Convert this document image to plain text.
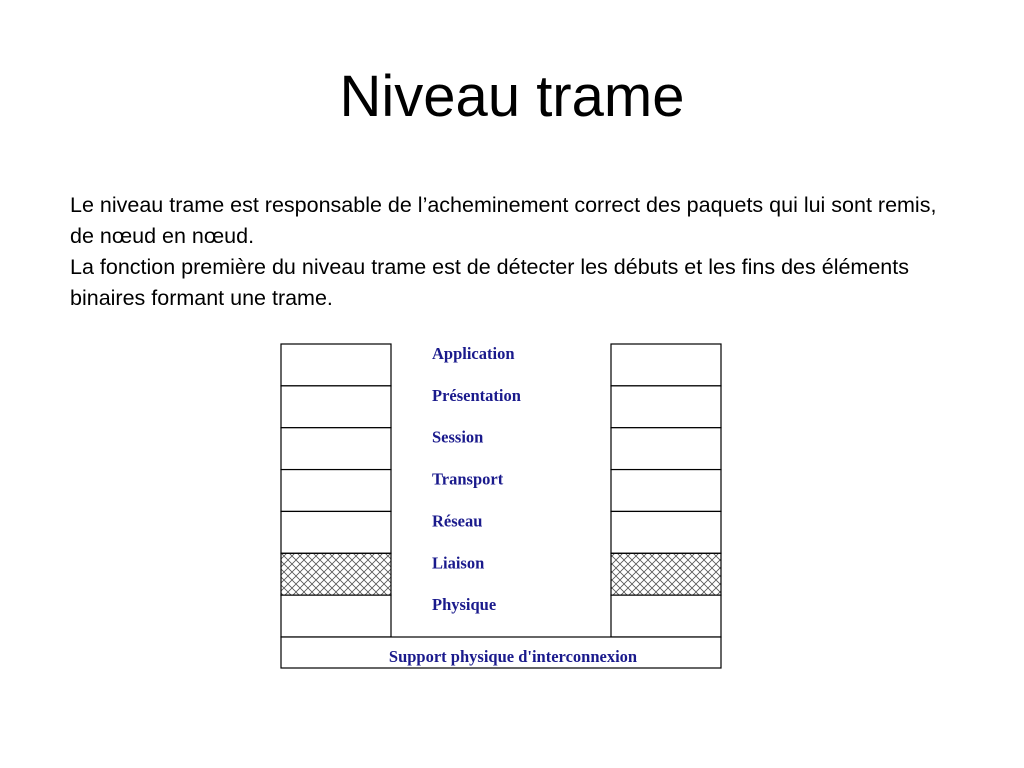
Niveau trame

Le niveau trame est responsable de l’acheminement correct des paquets qui lui sont remis, de nœud en nœud.

La fonction première du niveau trame est de détecter les débuts et les fins des éléments binaires formant une trame.

Application
Présentation
Session
Transport
Réseau
Liaison
Physique
Support physique d'interconnexion
